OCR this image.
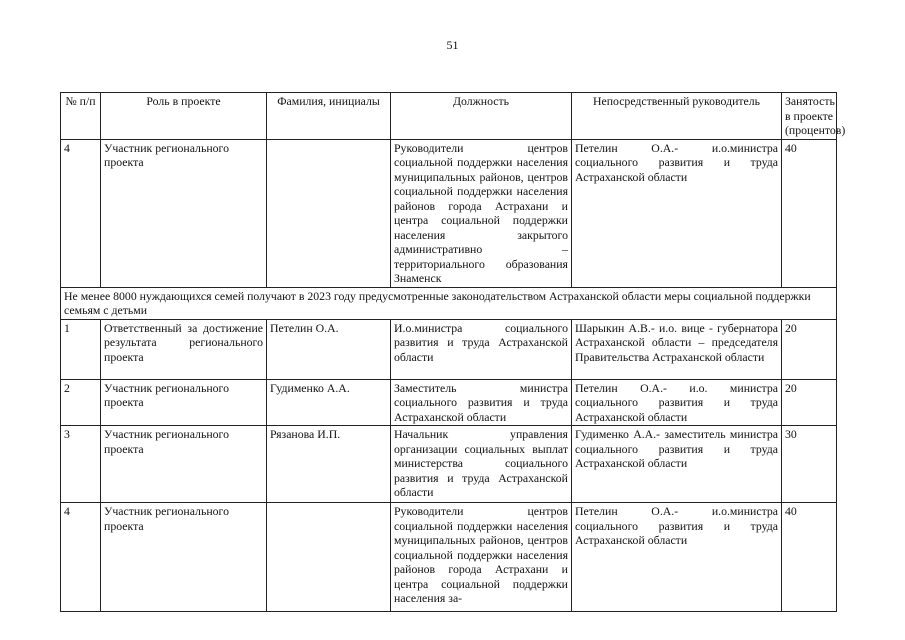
51
№ п/п	Роль в проекте	Фамилия, инициалы	Должность	Непосредственный руководитель	Занятость в проекте (процентов)
4	Участник регионального проекта		Руководители центров социальной поддержки населения муниципальных районов, центров социальной поддержки населения районов города Астрахани и центра социальной поддержки населения закрытого административно – территориального образования Знаменск	Петелин О.А.- и.о.министра социального развития и труда Астраханской области	40
Не менее 8000 нуждающихся семей получают в 2023 году предусмотренные законодательством Астраханской области меры социальной поддержки семьям с детьми					
1	Ответственный за достижение результата регионального проекта	Петелин О.А.	И.о.министра социального развития и труда Астраханской области	Шарыкин А.В.- и.о. вице - губернатора Астраханской области – председателя Правительства Астраханской области	20
2	Участник регионального проекта	Гудименко А.А.	Заместитель министра социального развития и труда Астраханской области	Петелин О.А.- и.о. министра социального развития и труда Астраханской области	20
3	Участник регионального проекта	Рязанова И.П.	Начальник управления организации социальных выплат министерства социального развития и труда Астраханской области	Гудименко А.А.- заместитель министра социального развития и труда Астраханской области	30
4	Участник регионального проекта		Руководители центров социальной поддержки населения муниципальных районов, центров социальной поддержки населения районов города Астрахани и центра социальной поддержки населения за-	Петелин О.А.- и.о.министра социального развития и труда Астраханской области	40
